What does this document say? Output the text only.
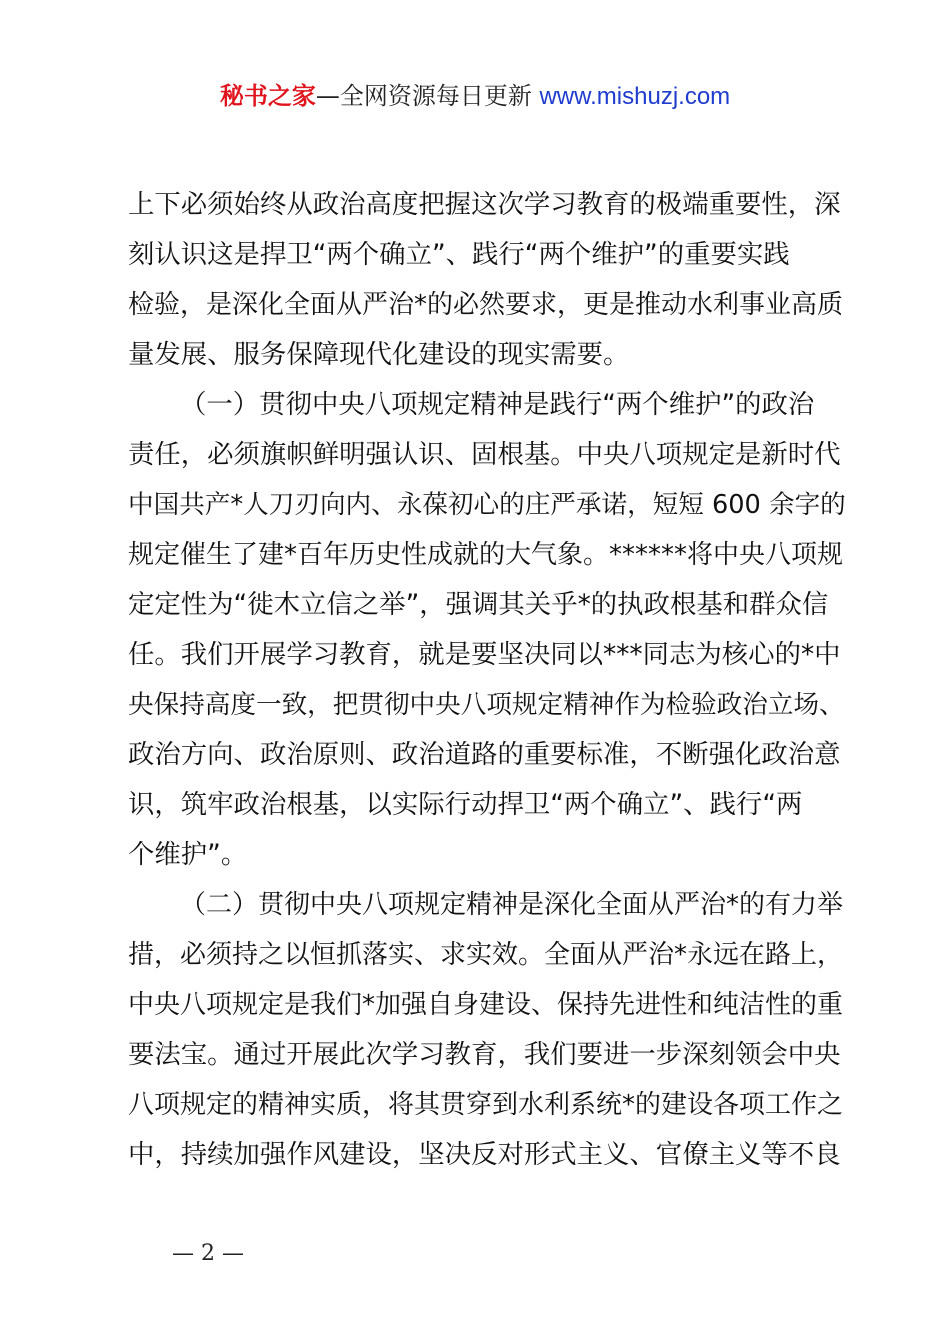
秘书之家—全网资源每日更新 www.mishuzj.com
上下必须始终从政治高度把握这次学习教育的极端重要性，深
刻认识这是捍卫“两个确立”、践行“两个维护”的重要实践
检验，是深化全面从严治*的必然要求，更是推动水利事业高质
量发展、服务保障现代化建设的现实需要。
（一）贯彻中央八项规定精神是践行“两个维护”的政治
责任，必须旗帜鲜明强认识、固根基。中央八项规定是新时代
中国共产*人刀刃向内、永葆初心的庄严承诺，短短 600 余字的
规定催生了建*百年历史性成就的大气象。******将中央八项规
定定性为“徙木立信之举”，强调其关乎*的执政根基和群众信
任。我们开展学习教育，就是要坚决同以***同志为核心的*中
央保持高度一致，把贯彻中央八项规定精神作为检验政治立场、
政治方向、政治原则、政治道路的重要标准，不断强化政治意
识，筑牢政治根基，以实际行动捍卫“两个确立”、践行“两
个维护”。
（二）贯彻中央八项规定精神是深化全面从严治*的有力举
措，必须持之以恒抓落实、求实效。全面从严治*永远在路上，
中央八项规定是我们*加强自身建设、保持先进性和纯洁性的重
要法宝。通过开展此次学习教育，我们要进一步深刻领会中央
八项规定的精神实质，将其贯穿到水利系统*的建设各项工作之
中，持续加强作风建设，坚决反对形式主义、官僚主义等不良
— 2 —
